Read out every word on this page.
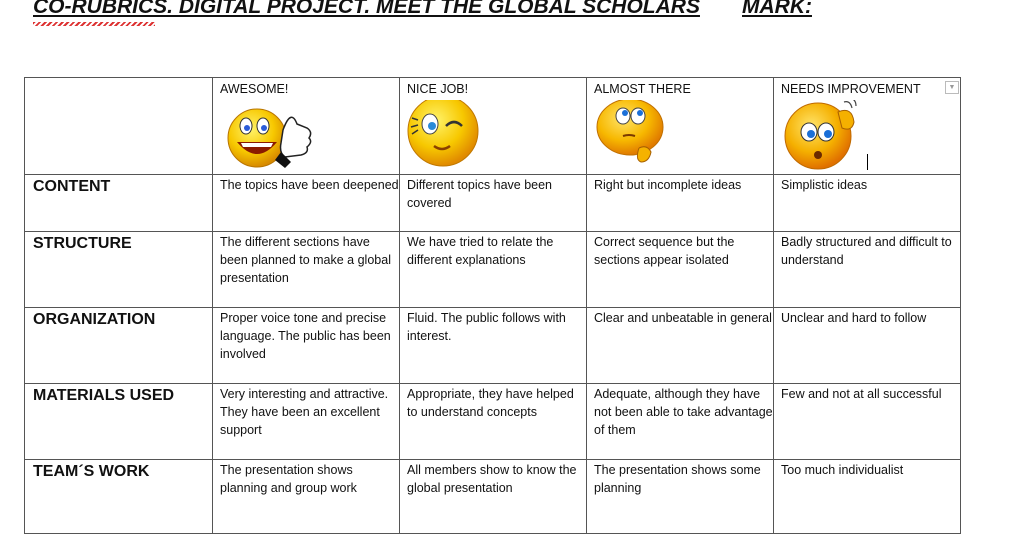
CO-RUBRICS. DIGITAL PROJECT. MEET THE GLOBAL SCHOLARS MARK:

	AWESOME!	NICE JOB!	ALMOST THERE	NEEDS IMPROVEMENT ▼

CONTENT	The topics have been deepened	Different topics have been covered	Right but incomplete ideas	Simplistic ideas

STRUCTURE	The different sections have been planned to make a global presentation	We have tried to relate the different explanations	Correct sequence but the sections appear isolated	Badly structured and difficult to understand

ORGANIZATION	Proper voice tone and precise language. The public has been involved	Fluid. The public follows with interest.	Clear and unbeatable in general	Unclear and hard to follow

MATERIALS USED	Very interesting and attractive. They have been an excellent support	Appropriate, they have helped to understand concepts	Adequate, although they have not been able to take advantage of them	Few and not at all successful

TEAM´S WORK	The presentation shows planning and group work	All members show to know the global presentation	The presentation shows some planning	Too much individualist
